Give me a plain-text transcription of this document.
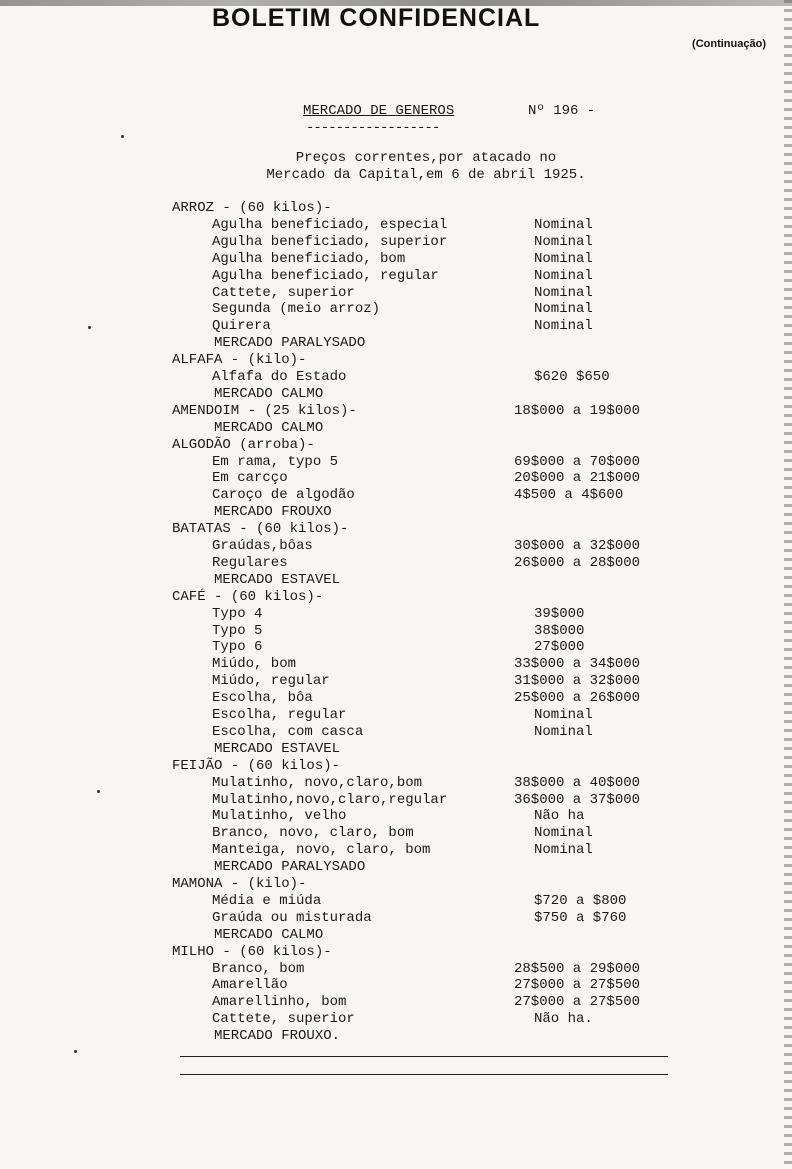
BOLETIM CONFIDENCIAL
(Continuação)
MERCADO DE GENEROS	Nº 196 -
------------------
Preços correntes,por atacado no
Mercado da Capital,em 6 de abril 1925.
ARROZ - (60 kilos)-
Agulha beneficiado, especial	Nominal
Agulha beneficiado, superior	Nominal
Agulha beneficiado, bom	Nominal
Agulha beneficiado, regular	Nominal
Cattete, superior	Nominal
Segunda (meio arroz)	Nominal
Quirera	Nominal
MERCADO PARALYSADO
ALFAFA - (kilo)-
Alfafa do Estado	$620 $650
MERCADO CALMO
AMENDOIM - (25 kilos)-	18$000 a 19$000
MERCADO CALMO
ALGODÃO (arroba)-
Em rama, typo 5	69$000 a 70$000
Em carcço	20$000 a 21$000
Caroço de algodão	4$500 a 4$600
MERCADO FROUXO
BATATAS - (60 kilos)-
Graúdas,bôas	30$000 a 32$000
Regulares	26$000 a 28$000
MERCADO ESTAVEL
CAFÉ - (60 kilos)-
Typo 4	39$000
Typo 5	38$000
Typo 6	27$000
Miúdo, bom	33$000 a 34$000
Miúdo, regular	31$000 a 32$000
Escolha, bôa	25$000 a 26$000
Escolha, regular	Nominal
Escolha, com casca	Nominal
MERCADO ESTAVEL
FEIJÃO - (60 kilos)-
Mulatinho, novo,claro,bom	38$000 a 40$000
Mulatinho,novo,claro,regular	36$000 a 37$000
Mulatinho, velho	Não ha
Branco, novo, claro, bom	Nominal
Manteiga, novo, claro, bom	Nominal
MERCADO PARALYSADO
MAMONA - (kilo)-
Média e miúda	$720 a $800
Graúda ou misturada	$750 a $760
MERCADO CALMO
MILHO - (60 kilos)-
Branco, bom	28$500 a 29$000
Amarellão	27$000 a 27$500
Amarellinho, bom	27$000 a 27$500
Cattete, superior	Não ha.
MERCADO FROUXO.
